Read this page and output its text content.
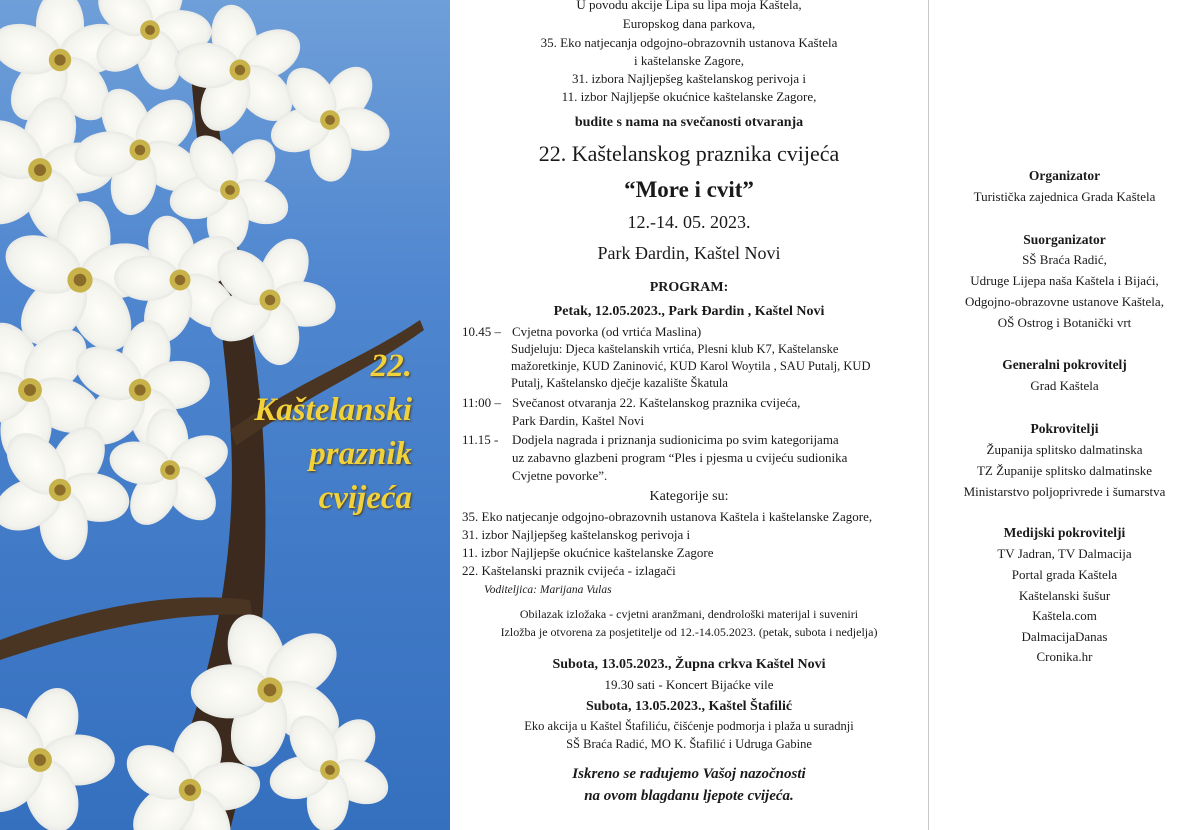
22.
Kaštelanski
praznik
cvijeća
U povodu akcije Lipa su lipa moja Kaštela,
Europskog dana parkova,
35. Eko natjecanja odgojno-obrazovnih ustanova Kaštela
i kaštelanske Zagore,
31. izbora Najljepšeg kaštelanskog perivoja i
11. izbor Najljepše okućnice kaštelanske Zagore,
budite s nama na svečanosti otvaranja
22. Kaštelanskog praznika cvijeća
“More i cvit”
12.-14. 05. 2023.
Park Đardin, Kaštel Novi
PROGRAM:
Petak, 12.05.2023., Park Đardin , Kaštel Novi
10.45 – Cvjetna povorka (od vrtića Maslina)
Sudjeluju: Djeca kaštelanskih vrtića, Plesni klub K7, Kaštelanske
mažoretkinje, KUD Zaninović, KUD Karol Woytila , SAU Putalj, KUD
Putalj, Kaštelansko dječje kazalište Škatula
11:00 – Svečanost otvaranja 22. Kaštelanskog praznika cvijeća,
Park Đardin, Kaštel Novi
11.15 - Dodjela nagrada i priznanja sudionicima po svim kategorijama
uz zabavno glazbeni program “Ples i pjesma u cvijeću sudionika
Cvjetne povorke”.
Kategorije su:
35. Eko natjecanje odgojno-obrazovnih ustanova Kaštela i kaštelanske Zagore,
31. izbor Najljepšeg kaštelanskog perivoja i
11. izbor Najljepše okućnice kaštelanske Zagore
22. Kaštelanski praznik cvijeća - izlagači
Voditeljica: Marijana Vulas
Obilazak izložaka - cvjetni aranžmani, dendrološki materijal i suveniri
Izložba je otvorena za posjetitelje od 12.-14.05.2023. (petak, subota i nedjelja)
Subota, 13.05.2023., Župna crkva Kaštel Novi
19.30 sati - Koncert Bijaćke vile
Subota, 13.05.2023., Kaštel Štafilić
Eko akcija u Kaštel Štafiliću, čišćenje podmorja i plaža u suradnji
SŠ Braća Radić, MO K. Štafilić i Udruga Gabine
Iskreno se radujemo Vašoj nazočnosti
na ovom blagdanu ljepote cvijeća.
Organizator
Turistička zajednica Grada Kaštela
Suorganizator
SŠ Braća Radić,
Udruge Lijepa naša Kaštela i Bijaći,
Odgojno-obrazovne ustanove Kaštela,
OŠ Ostrog i Botanički vrt
Generalni pokrovitelj
Grad Kaštela
Pokrovitelji
Županija splitsko dalmatinska
TZ Županije splitsko dalmatinske
Ministarstvo poljoprivrede i šumarstva
Medijski pokrovitelji
TV Jadran, TV Dalmacija
Portal grada Kaštela
Kaštelanski šušur
Kaštela.com
DalmacijaDanas
Cronika.hr
